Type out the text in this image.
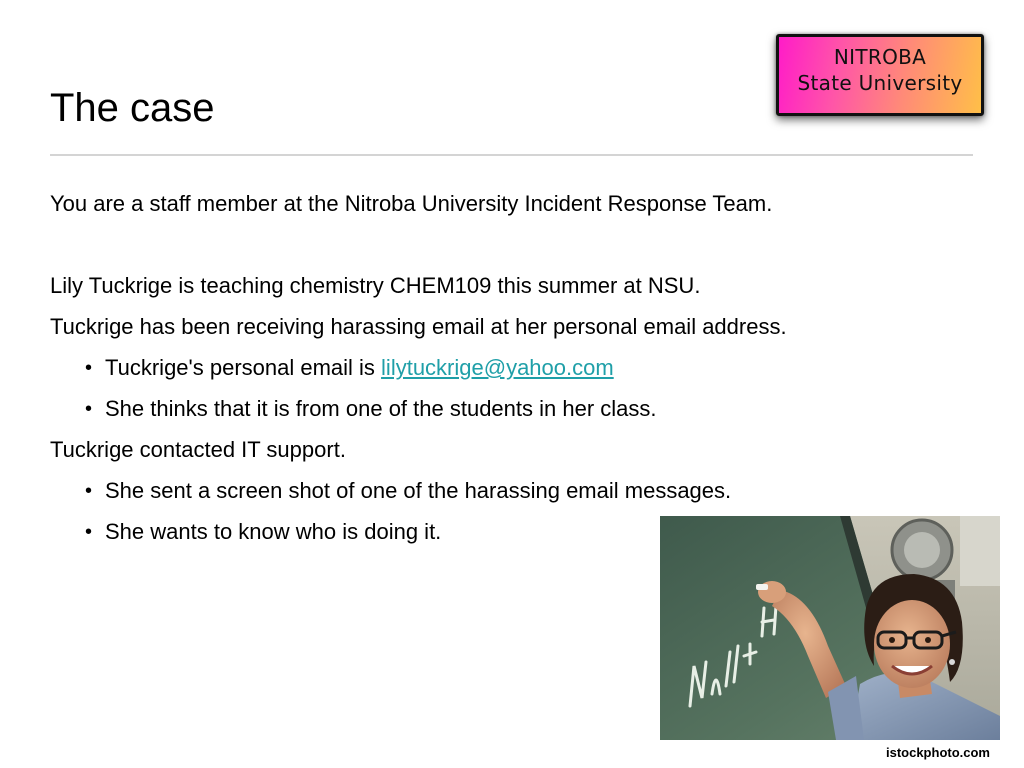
The case
NITROBA
State University
You are a staff member at the Nitroba University Incident Response Team.
Lily Tuckrige is teaching chemistry CHEM109 this summer at NSU.
Tuckrige has been receiving harassing email at her personal email address.
• Tuckrige's personal email is lilytuckrige@yahoo.com
• She thinks that it is from one of the students in her class.
Tuckrige contacted IT support.
• She sent a screen shot of one of the harassing email messages.
• She wants to know who is doing it.
istockphoto.com
